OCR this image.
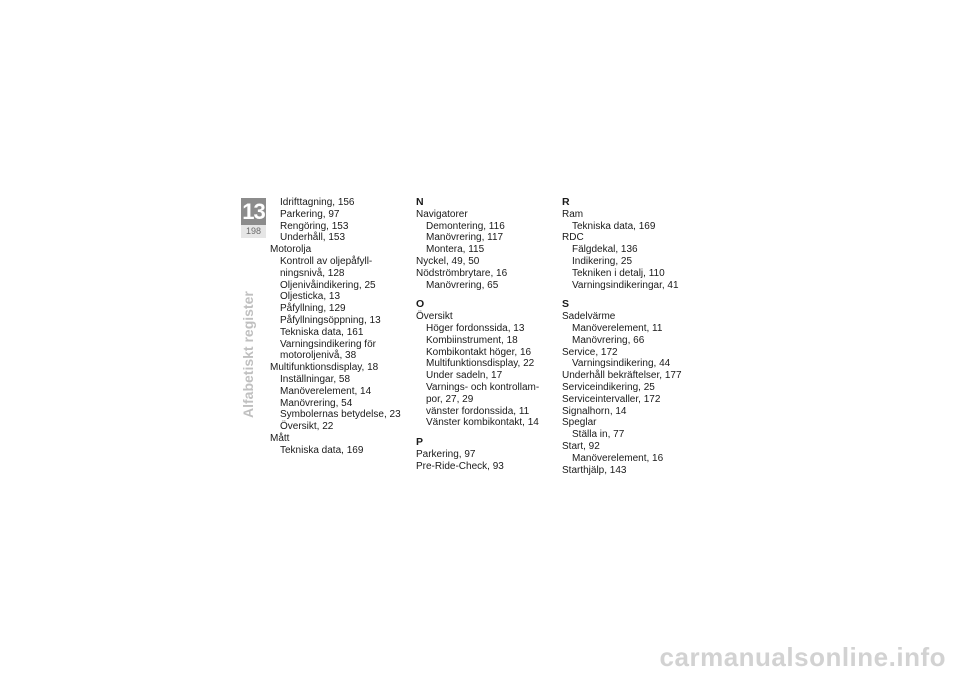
13
198
Alfabetiskt register
Idrifttagning, 156
Parkering, 97
Rengöring, 153
Underhåll, 153
Motorolja
Kontroll av oljepåfyll-
ningsnivå, 128
Oljenivåindikering, 25
Oljesticka, 13
Påfyllning, 129
Påfyllningsöppning, 13
Tekniska data, 161
Varningsindikering för
motoroljenivå, 38
Multifunktionsdisplay, 18
Inställningar, 58
Manöverelement, 14
Manövrering, 54
Symbolernas betydelse, 23
Översikt, 22
Mått
Tekniska data, 169
N
Navigatorer
Demontering, 116
Manövrering, 117
Montera, 115
Nyckel, 49, 50
Nödströmbrytare, 16
Manövrering, 65
O
Översikt
Höger fordonssida, 13
Kombiinstrument, 18
Kombikontakt höger, 16
Multifunktionsdisplay, 22
Under sadeln, 17
Varnings- och kontrollam-
por, 27, 29
vänster fordonssida, 11
Vänster kombikontakt, 14
P
Parkering, 97
Pre-Ride-Check, 93
R
Ram
Tekniska data, 169
RDC
Fälgdekal, 136
Indikering, 25
Tekniken i detalj, 110
Varningsindikeringar, 41
S
Sadelvärme
Manöverelement, 11
Manövrering, 66
Service, 172
Varningsindikering, 44
Underhåll bekräftelser, 177
Serviceindikering, 25
Serviceintervaller, 172
Signalhorn, 14
Speglar
Ställa in, 77
Start, 92
Manöverelement, 16
Starthjälp, 143
carmanualsonline.info
